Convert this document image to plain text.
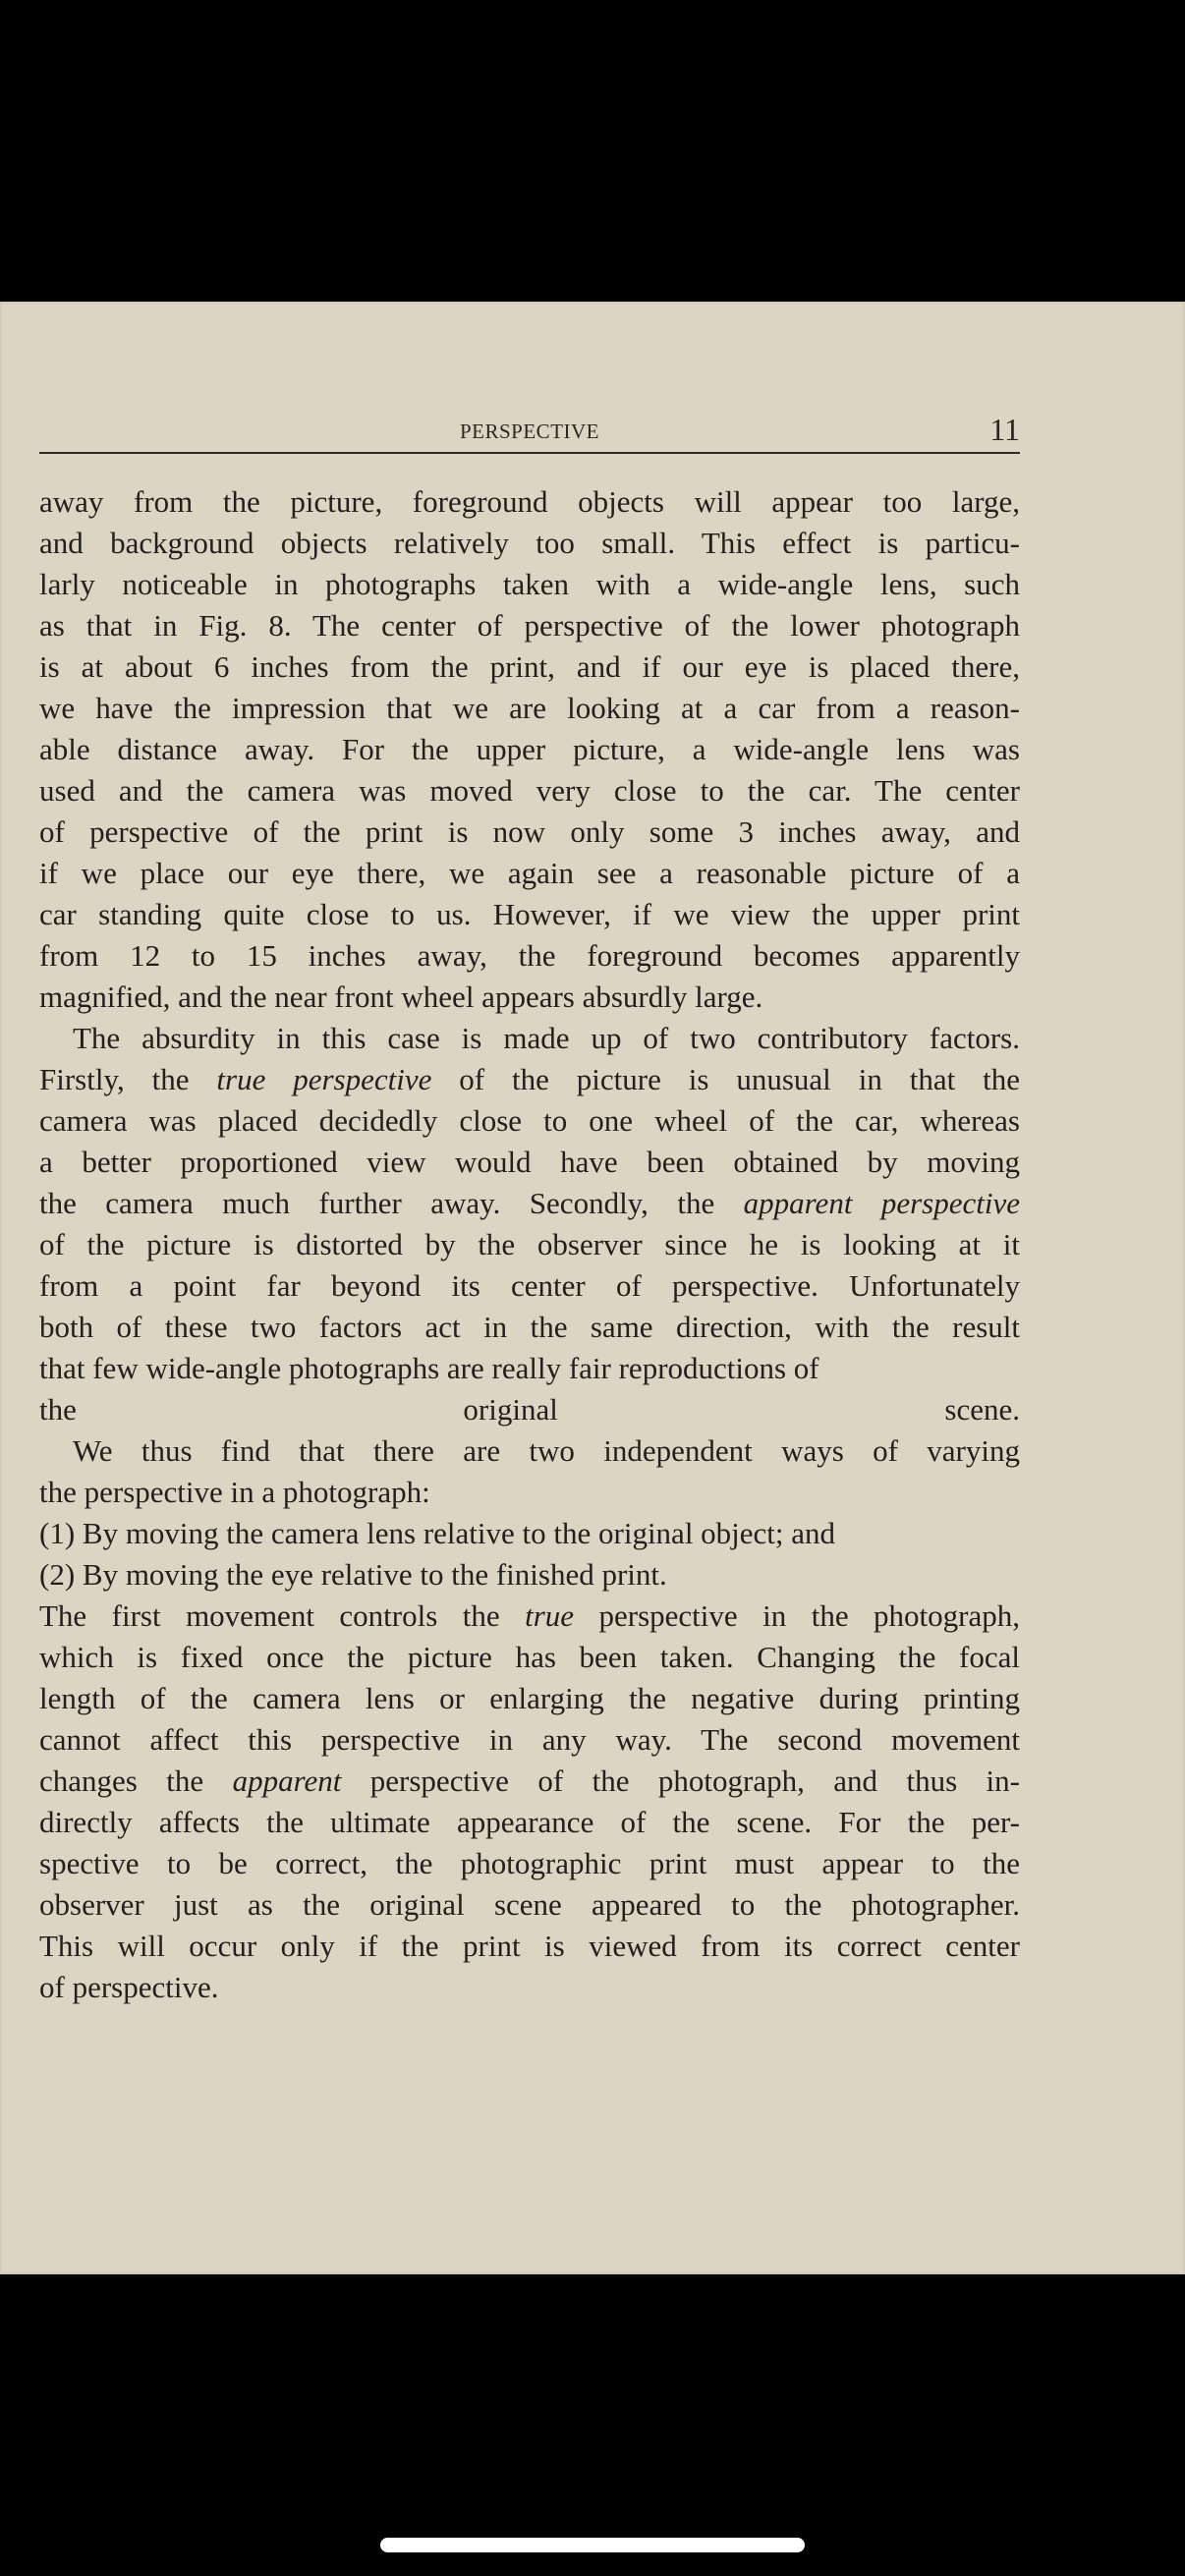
PERSPECTIVE	11
away from the picture, foreground objects will appear too large,
and background objects relatively too small. This effect is particu-
larly noticeable in photographs taken with a wide-angle lens, such
as that in Fig. 8. The center of perspective of the lower photograph
is at about 6 inches from the print, and if our eye is placed there,
we have the impression that we are looking at a car from a reason-
able distance away. For the upper picture, a wide-angle lens was
used and the camera was moved very close to the car. The center
of perspective of the print is now only some 3 inches away, and
if we place our eye there, we again see a reasonable picture of a
car standing quite close to us. However, if we view the upper print
from 12 to 15 inches away, the foreground becomes apparently
magnified, and the near front wheel appears absurdly large.
The absurdity in this case is made up of two contributory factors.
Firstly, the true perspective of the picture is unusual in that the
camera was placed decidedly close to one wheel of the car, whereas
a better proportioned view would have been obtained by moving
the camera much further away. Secondly, the apparent perspective
of the picture is distorted by the observer since he is looking at it
from a point far beyond its center of perspective. Unfortunately
both of these two factors act in the same direction, with the result
that few wide-angle photographs are really fair reproductions of
the original scene.
We thus find that there are two independent ways of varying
the perspective in a photograph:
(1) By moving the camera lens relative to the original object; and
(2) By moving the eye relative to the finished print.
The first movement controls the true perspective in the photograph,
which is fixed once the picture has been taken. Changing the focal
length of the camera lens or enlarging the negative during printing
cannot affect this perspective in any way. The second movement
changes the apparent perspective of the photograph, and thus in-
directly affects the ultimate appearance of the scene. For the per-
spective to be correct, the photographic print must appear to the
observer just as the original scene appeared to the photographer.
This will occur only if the print is viewed from its correct center
of perspective.
